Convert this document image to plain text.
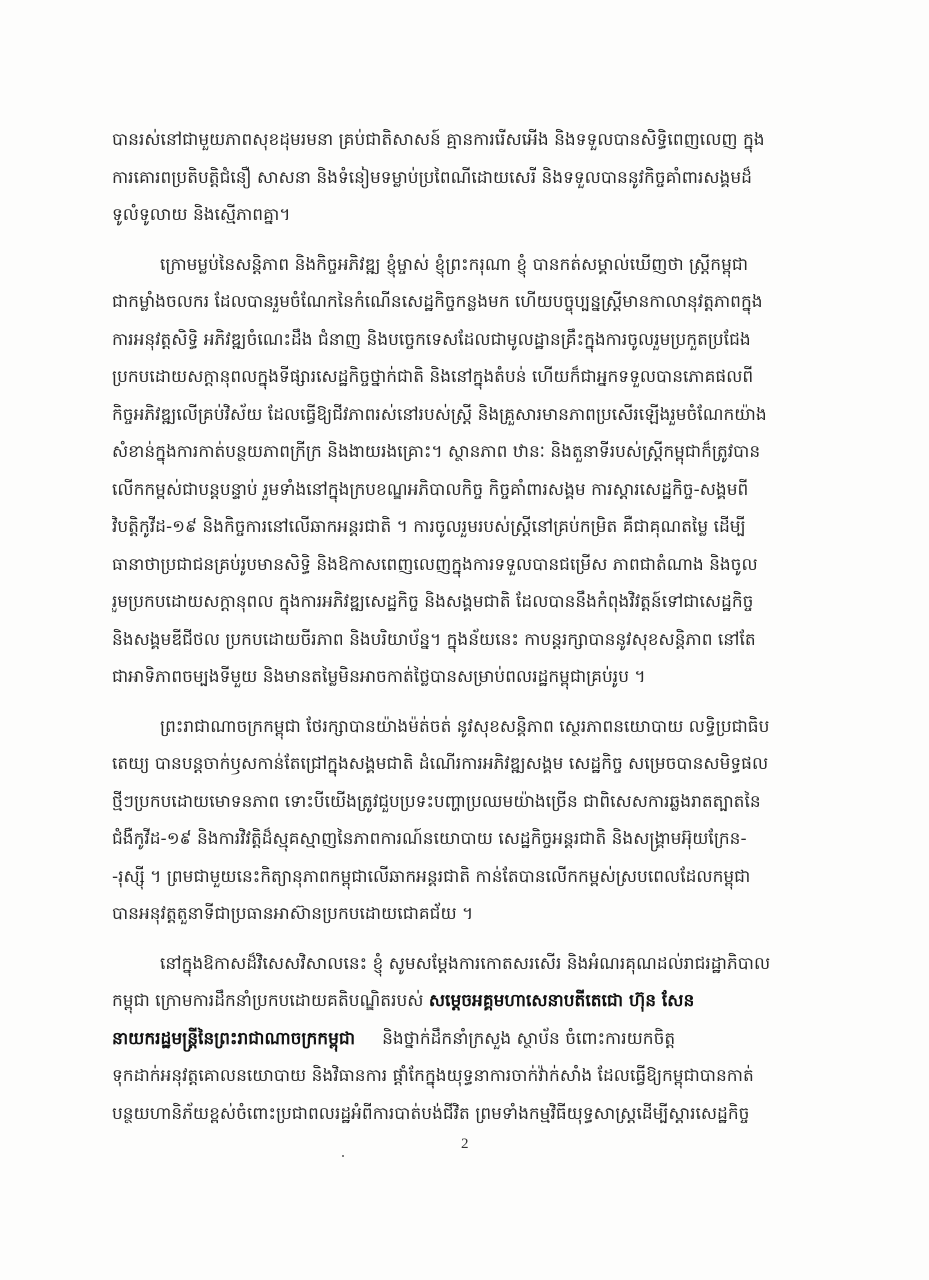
បានរស់នៅជាមួយភាពសុខដុមរមនា គ្រប់ជាតិសាសន៍ គ្មានការរើសអើង និងទទួលបានសិទ្ធិពេញលេញ ក្នុង
ការគោរពប្រតិបត្តិជំនឿ សាសនា និងទំនៀមទម្លាប់ប្រពៃណីដោយសេរី និងទទួលបាននូវកិច្ចគាំពារសង្គមដ៏
ទូលំទូលាយ និងស្មើភាពគ្នា។
ក្រោមម្លប់នៃសន្តិភាព និងកិច្ចអភិវឌ្ឍ ខ្ញុំម្ចាស់ ខ្ញុំព្រះករុណា ខ្ញុំ បានកត់សម្គាល់ឃើញថា ស្ត្រីកម្ពុជា
ជាកម្លាំងចលករ ដែលបានរួមចំណែកនៃកំណើនសេដ្ឋកិច្ចកន្លងមក ហើយបច្ចុប្បន្នស្ត្រីមានកាលានុវត្តភាពក្នុង
ការអនុវត្តសិទ្ធិ អភិវឌ្ឍចំណេះដឹង ជំនាញ និងបច្ចេកទេសដែលជាមូលដ្ឋានគ្រឹះក្នុងការចូលរួមប្រកួតប្រជែង
ប្រកបដោយសក្តានុពលក្នុងទីផ្សារសេដ្ឋកិច្ចថ្នាក់ជាតិ និងនៅក្នុងតំបន់ ហើយក៏ជាអ្នកទទួលបានភោគផលពី
កិច្ចអភិវឌ្ឍលើគ្រប់វិស័យ ដែលធ្វើឱ្យជីវភាពរស់នៅរបស់ស្ត្រី និងគ្រួសារមានភាពប្រសើរឡើងរួមចំណែកយ៉ាង
សំខាន់ក្នុងការកាត់បន្ថយភាពក្រីក្រ និងងាយរងគ្រោះ។ ស្ថានភាព ឋានៈ និងតួនាទីរបស់ស្ត្រីកម្ពុជាក៏ត្រូវបាន
លើកកម្ពស់ជាបន្តបន្ទាប់ រួមទាំងនៅក្នុងក្របខណ្ឌអភិបាលកិច្ច កិច្ចគាំពារសង្គម ការស្តារសេដ្ឋកិច្ច-សង្គមពី
វិបត្តិកូវីដ-១៩ និងកិច្ចការនៅលើឆាកអន្តរជាតិ ។ ការចូលរួមរបស់ស្ត្រីនៅគ្រប់កម្រិត គឺជាគុណតម្លៃ ដើម្បី
ធានាថាប្រជាជនគ្រប់រូបមានសិទ្ធិ និងឱកាសពេញលេញក្នុងការទទួលបានជម្រើស ភាពជាតំណាង និងចូល
រួមប្រកបដោយសក្តានុពល ក្នុងការអភិវឌ្ឍសេដ្ឋកិច្ច និងសង្គមជាតិ ដែលបាននឹងកំពុងវិវត្តន៍ទៅជាសេដ្ឋកិច្ច
និងសង្គមឌីជីថល ប្រកបដោយចីរភាព និងបរិយាប័ន្ន។ ក្នុងន័យនេះ កាបន្តរក្សាបាននូវសុខសន្តិភាព នៅតែ
ជាអាទិភាពចម្បងទីមួយ និងមានតម្លៃមិនអាចកាត់ថ្លៃបានសម្រាប់ពលរដ្ឋកម្ពុជាគ្រប់រូប ។
ព្រះរាជាណាចក្រកម្ពុជា ថែរក្សាបានយ៉ាងម៉ត់ចត់ នូវសុខសន្តិភាព ស្ថេរភាពនយោបាយ លទ្ធិប្រជាធិប
តេយ្យ បានបន្តចាក់ឫសកាន់តែជ្រៅក្នុងសង្គមជាតិ ដំណើរការអភិវឌ្ឍសង្គម សេដ្ឋកិច្ច សម្រេចបានសមិទ្ធផល
ថ្មីៗប្រកបដោយមោទនភាព ទោះបីយើងត្រូវជួបប្រទះបញ្ហាប្រឈមយ៉ាងច្រើន ជាពិសេសការឆ្លងរាតត្បាតនៃ
ជំងឺកូវីដ-១៩ និងការវិវត្តិដ៏ស្មុគស្មាញនៃភាពការណ៍នយោបាយ សេដ្ឋកិច្ចអន្តរជាតិ និងសង្គ្រាមអ៊ុយក្រែន-
-រុស្ស៊ី ។ ព្រមជាមួយនេះកិត្យានុភាពកម្ពុជាលើឆាកអន្តរជាតិ កាន់តែបានលើកកម្ពស់ស្របពេលដែលកម្ពុជា
បានអនុវត្តតួនាទីជាប្រធានអាស៊ានប្រកបដោយជោគជ័យ ។
នៅក្នុងឱកាសដ៏វិសេសវិសាលនេះ ខ្ញុំ សូមសម្តែងការកោតសរសើរ និងអំណរគុណដល់រាជរដ្ឋាភិបាល
កម្ពុជា ក្រោមការដឹកនាំប្រកបដោយគតិបណ្ឌិតរបស់ សម្តេចអគ្គមហាសេនាបតីតេជោ ហ៊ុន សែន
នាយករដ្ឋមន្ត្រីនៃព្រះរាជាណាចក្រកម្ពុជា     និងថ្នាក់ដឹកនាំក្រសួង ស្ថាប័ន ចំពោះការយកចិត្ត
ទុកដាក់អនុវត្តគោលនយោបាយ និងវិធានការ ផ្តាំកែក្នុងយុទ្ធនាការចាក់វ៉ាក់សាំង ដែលធ្វើឱ្យកម្ពុជាបានកាត់
បន្ថយហានិភ័យខ្ពស់ចំពោះប្រជាពលរដ្ឋអំពីការបាត់បង់ជីវិត ព្រមទាំងកម្មវិធីយុទ្ធសាស្ត្រដើម្បីស្តារសេដ្ឋកិច្ច
2
